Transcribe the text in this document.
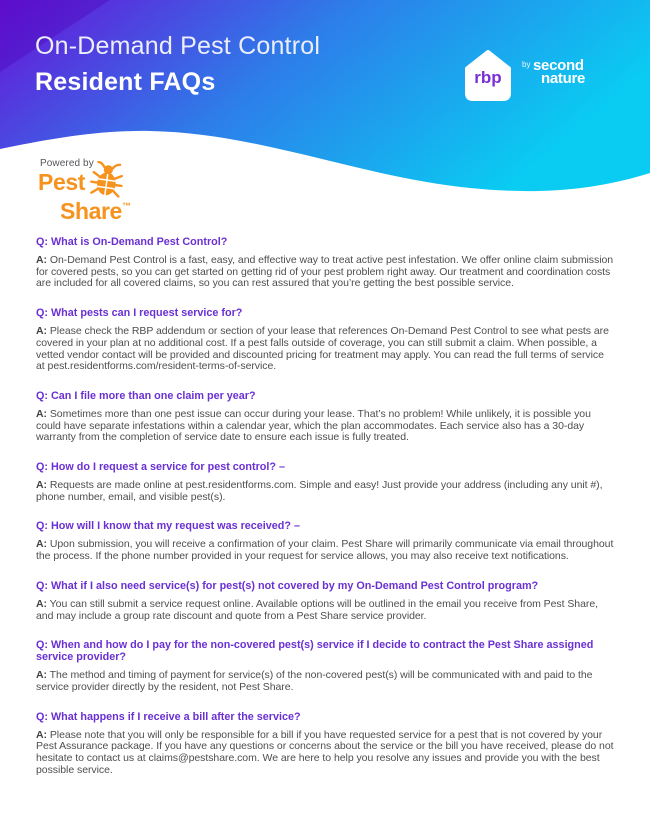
On-Demand Pest Control
Resident FAQs	rbp
by second
nature
Powered by
Pest
Share™
Q: What is On-Demand Pest Control?

A: On-Demand Pest Control is a fast, easy, and effective way to treat active pest infestation. We offer online claim submission for covered pests, so you can get started on getting rid of your pest problem right away. Our treatment and coordination costs are included for all covered claims, so you can rest assured that you’re getting the best possible service.

Q: What pests can I request service for?

A: Please check the RBP addendum or section of your lease that references On-Demand Pest Control to see what pests are covered in your plan at no additional cost. If a pest falls outside of coverage, you can still submit a claim. When possible, a vetted vendor contact will be provided and discounted pricing for treatment may apply. You can read the full terms of service at pest.residentforms.com/resident-terms-of-service.

Q: Can I file more than one claim per year?

A: Sometimes more than one pest issue can occur during your lease. That’s no problem! While unlikely, it is possible you could have separate infestations within a calendar year, which the plan accommodates. Each service also has a 30-day warranty from the completion of service date to ensure each issue is fully treated.

Q: How do I request a service for pest control? –

A: Requests are made online at pest.residentforms.com. Simple and easy! Just provide your address (including any unit #), phone number, email, and visible pest(s).

Q: How will I know that my request was received? –

A: Upon submission, you will receive a confirmation of your claim. Pest Share will primarily communicate via email throughout the process. If the phone number provided in your request for service allows, you may also receive text notifications.

Q: What if I also need service(s) for pest(s) not covered by my On-Demand Pest Control program?

A: You can still submit a service request online. Available options will be outlined in the email you receive from Pest Share, and may include a group rate discount and quote from a Pest Share service provider.

Q: When and how do I pay for the non-covered pest(s) service if I decide to contract the Pest Share assigned service provider?

A: The method and timing of payment for service(s) of the non-covered pest(s) will be communicated with and paid to the service provider directly by the resident, not Pest Share.

Q: What happens if I receive a bill after the service?

A: Please note that you will only be responsible for a bill if you have requested service for a pest that is not covered by your Pest Assurance package. If you have any questions or concerns about the service or the bill you have received, please do not hesitate to contact us at claims@pestshare.com. We are here to help you resolve any issues and provide you with the best possible service.
